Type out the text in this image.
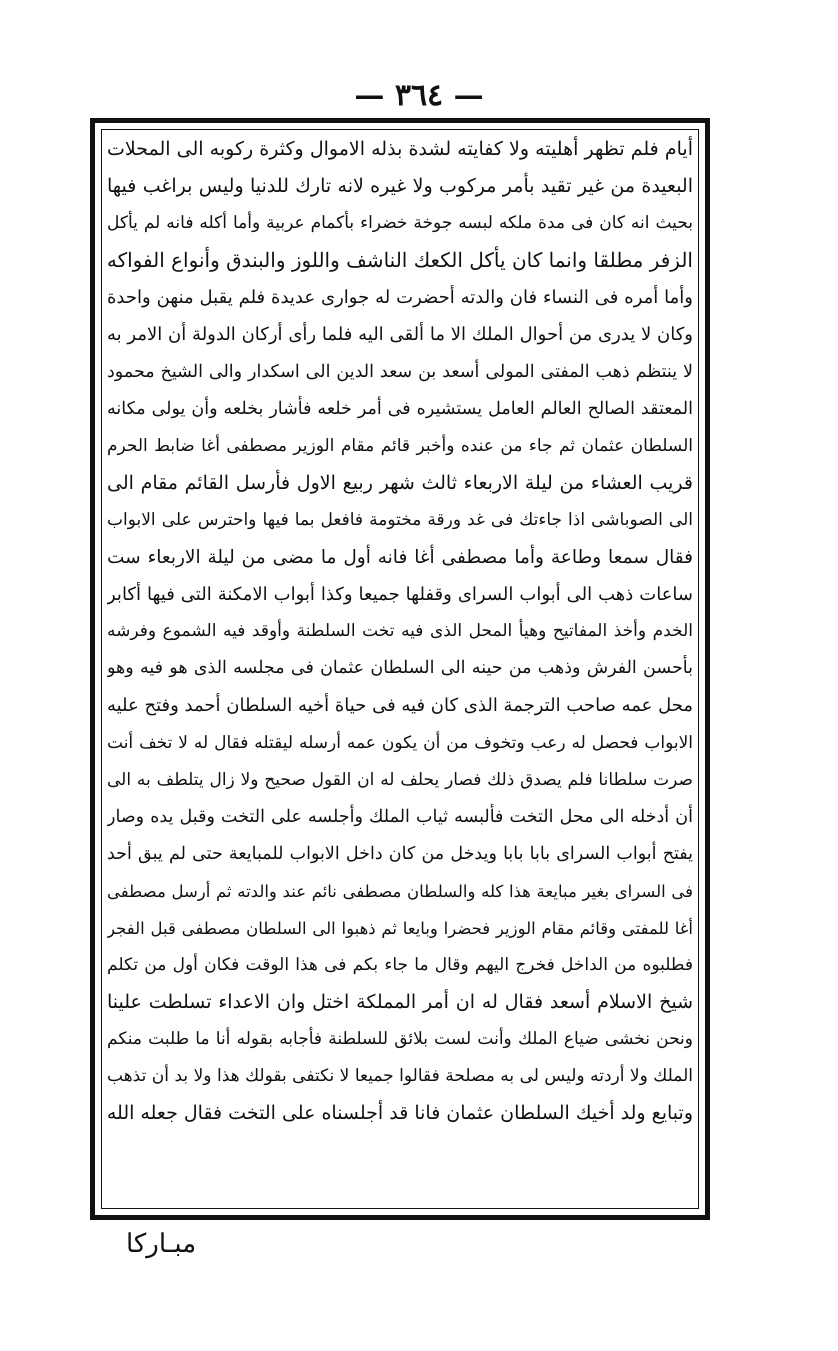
— ٣٦٤ —
أيام فلم تظهر أهليته ولا كفايته لشدة بذله الاموال وكثرة ركوبه الى المحلات
البعيدة من غير تقيد بأمر مركوب ولا غيره لانه تارك للدنيا وليس براغب فيها
بحيث انه كان فى مدة ملكه لبسه جوخة خضراء بأكمام عربية وأما أكله فانه لم يأكل
الزفر مطلقا وانما كان يأكل الكعك الناشف واللوز والبندق وأنواع الفواكه
وأما أمره فى النساء فان والدته أحضرت له جوارى عديدة فلم يقبل منهن واحدة
وكان لا يدرى من أحوال الملك الا ما ألقى اليه فلما رأى أركان الدولة أن الامر به
لا ينتظم ذهب المفتى المولى أسعد بن سعد الدين الى اسكدار والى الشيخ محمود
المعتقد الصالح العالم العامل يستشيره فى أمر خلعه فأشار بخلعه وأن يولى مكانه
السلطان عثمان ثم جاء من عنده وأخبر قائم مقام الوزير مصطفى أغا ضابط الحرم
قريب العشاء من ليلة الاربعاء ثالث شهر ربيع الاول فأرسل القائم مقام الى
الى الصوباشى اذا جاءتك فى غد ورقة مختومة فافعل بما فيها واحترس على الابواب
فقال سمعا وطاعة وأما مصطفى أغا فانه أول ما مضى من ليلة الاربعاء ست
ساعات ذهب الى أبواب السراى وقفلها جميعا وكذا أبواب الامكنة التى فيها أكابر
الخدم وأخذ المفاتيح وهيأ المحل الذى فيه تخت السلطنة وأوقد فيه الشموع وفرشه
بأحسن الفرش وذهب من حينه الى السلطان عثمان فى مجلسه الذى هو فيه وهو
محل عمه صاحب الترجمة الذى كان فيه فى حياة أخيه السلطان أحمد وفتح عليه
الابواب فحصل له رعب وتخوف من أن يكون عمه أرسله ليقتله فقال له لا تخف أنت
صرت سلطانا فلم يصدق ذلك فصار يحلف له ان القول صحيح ولا زال يتلطف به الى
أن أدخله الى محل التخت فألبسه ثياب الملك وأجلسه على التخت وقبل يده وصار
يفتح أبواب السراى بابا بابا ويدخل من كان داخل الابواب للمبايعة حتى لم يبق أحد
فى السراى بغير مبايعة هذا كله والسلطان مصطفى نائم عند والدته ثم أرسل مصطفى
أغا للمفتى وقائم مقام الوزير فحضرا وبايعا ثم ذهبوا الى السلطان مصطفى قبل الفجر
فطلبوه من الداخل فخرج اليهم وقال ما جاء بكم فى هذا الوقت فكان أول من تكلم
شيخ الاسلام أسعد فقال له ان أمر المملكة اختل وان الاعداء تسلطت علينا
ونحن نخشى ضياع الملك وأنت لست بلائق للسلطنة فأجابه بقوله أنا ما طلبت منكم
الملك ولا أردته وليس لى به مصلحة فقالوا جميعا لا نكتفى بقولك هذا ولا بد أن تذهب
وتبايع ولد أخيك السلطان عثمان فانا قد أجلسناه على التخت فقال جعله الله
مبـاركا
